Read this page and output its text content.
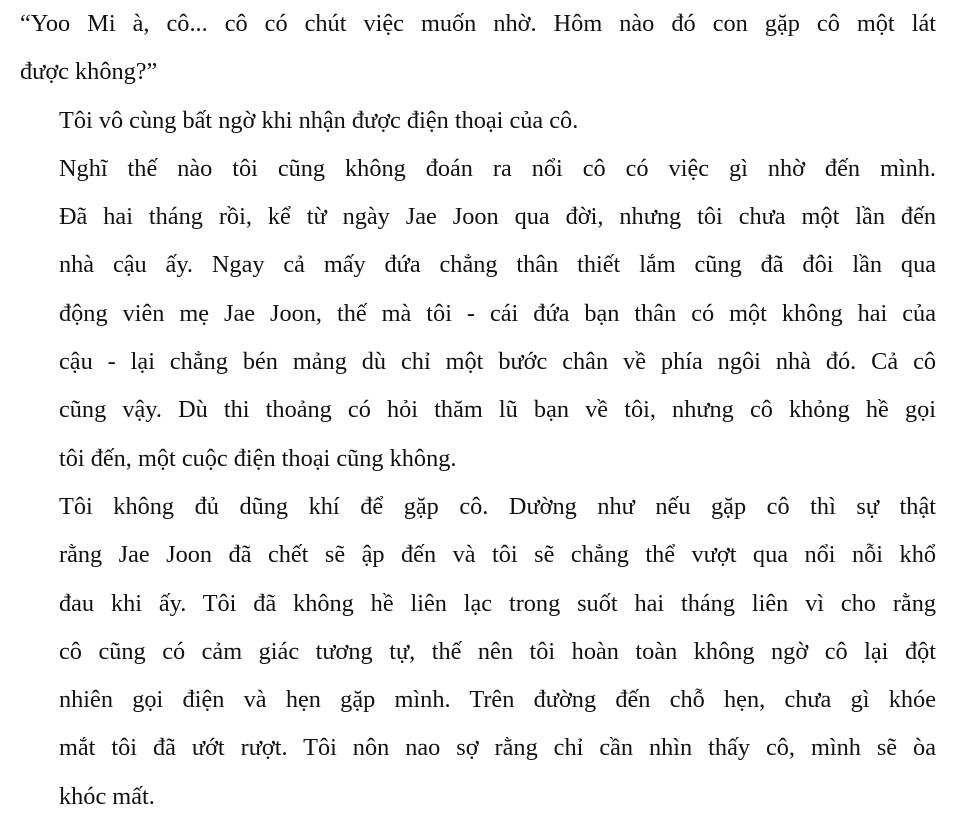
“Yoo Mi à, cô... cô có chút việc muốn nhờ. Hôm nào đó con gặp cô một lát
được không?”

Tôi vô cùng bất ngờ khi nhận được điện thoại của cô.

Nghĩ thế nào tôi cũng không đoán ra nổi cô có việc gì nhờ đến mình.
Đã hai tháng rồi, kể từ ngày Jae Joon qua đời, nhưng tôi chưa một lần đến
nhà cậu ấy. Ngay cả mấy đứa chẳng thân thiết lắm cũng đã đôi lần qua
động viên mẹ Jae Joon, thế mà tôi - cái đứa bạn thân có một không hai của
cậu - lại chẳng bén mảng dù chỉ một bước chân về phía ngôi nhà đó. Cả cô
cũng vậy. Dù thi thoảng có hỏi thăm lũ bạn về tôi, nhưng cô khỏng hề gọi
tôi đến, một cuộc điện thoại cũng không.

Tôi không đủ dũng khí để gặp cô. Dường như nếu gặp cô thì sự thật
rằng Jae Joon đã chết sẽ ập đến và tôi sẽ chẳng thể vượt qua nổi nỗi khổ
đau khi ấy. Tôi đã không hề liên lạc trong suốt hai tháng liên vì cho rằng
cô cũng có cảm giác tương tự, thế nên tôi hoàn toàn không ngờ cô lại đột
nhiên gọi điện và hẹn gặp mình. Trên đường đến chỗ hẹn, chưa gì khóe
mắt tôi đã ướt rượt. Tôi nôn nao sợ rằng chỉ cần nhìn thấy cô, mình sẽ òa
khóc mất.
